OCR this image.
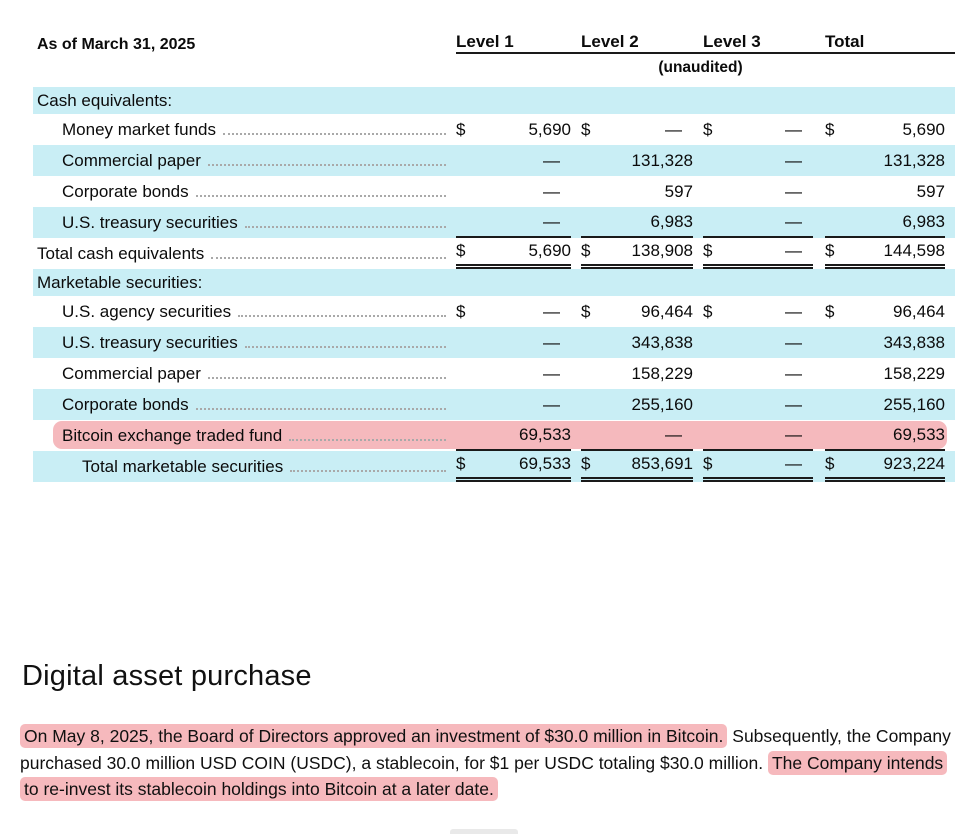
As of March 31, 2025	Level 1	Level 2	Level 3	Total
(unaudited)
Cash equivalents:
Money market funds	$	5,690 $	—	$	—	$	5,690
Commercial paper	—	131,328	—	131,328
Corporate bonds	—	597	—	597
U.S. treasury securities	—	6,983	—	6,983
Total cash equivalents	$	5,690 $	138,908 $	—	$	144,598
Marketable securities:
U.S. agency securities	$	—	$	96,464 $	—	$	96,464
U.S. treasury securities	—	343,838	—	343,838
Commercial paper	—	158,229	—	158,229
Corporate bonds	—	255,160	—	255,160
Bitcoin exchange traded fund	69,533	—	—	69,533
Total marketable securities	$	69,533 $	853,691 $	—	$	923,224
Digital asset purchase

On May 8, 2025, the Board of Directors approved an investment of $30.0 million in Bitcoin. Subsequently, the Company purchased 30.0 million USD COIN (USDC), a stablecoin, for $1 per USDC totaling $30.0 million. The Company intends to re-invest its stablecoin holdings into Bitcoin at a later date.
